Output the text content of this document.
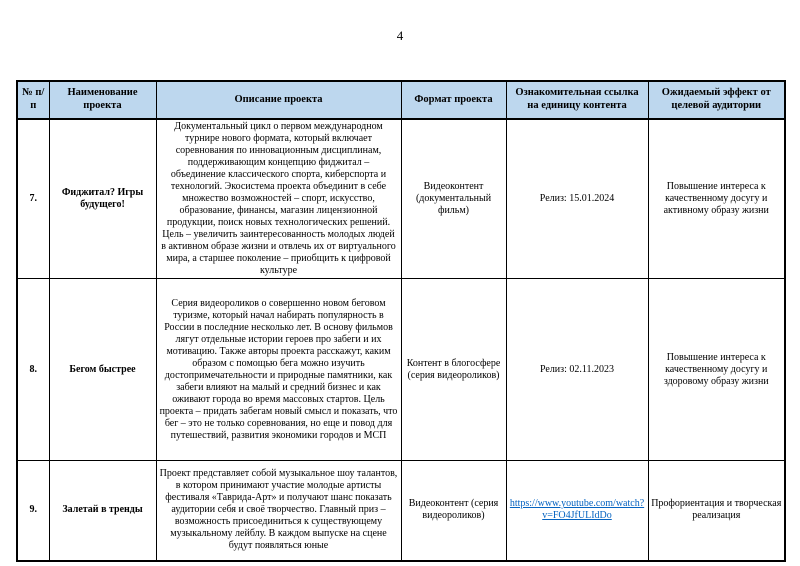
4
№ п/п	Наименование проекта	Описание проекта	Формат проекта	Ознакомительная ссылка на единицу контента	Ожидаемый эффект от целевой аудитории
7.	Фиджитал? Игры будущего!	Документальный цикл о первом международном турнире нового формата, который включает соревнования по инновационным дисциплинам, поддерживающим концепцию фиджитал – объединение классического спорта, киберспорта и технологий. Экосистема проекта объединит в себе множество возможностей – спорт, искусство, образование, финансы, магазин лицензионной продукции, поиск новых технологических решений. Цель – увеличить заинтересованность молодых людей в активном образе жизни и отвлечь их от виртуального мира, а старшее поколение – приобщить к цифровой культуре	Видеоконтент (документальный фильм)	Релиз: 15.01.2024	Повышение интереса к качественному досугу и активному образу жизни
8.	Бегом быстрее	Серия видеороликов о совершенно новом беговом туризме, который начал набирать популярность в России в последние несколько лет. В основу фильмов лягут отдельные истории героев про забеги и их мотивацию. Также авторы проекта расскажут, каким образом с помощью бега можно изучить достопримечательности и природные памятники, как забеги влияют на малый и средний бизнес и как оживают города во время массовых стартов. Цель проекта – придать забегам новый смысл и показать, что бег – это не только соревнования, но еще и повод для путешествий, развития экономики городов и МСП	Контент в блогосфере (серия видеороликов)	Релиз: 02.11.2023	Повышение интереса к качественному досугу и здоровому образу жизни
9.	Залетай в тренды	Проект представляет собой музыкальное шоу талантов, в котором принимают участие молодые артисты фестиваля «Таврида-Арт» и получают шанс показать аудитории себя и своё творчество. Главный приз – возможность присоединиться к существующему музыкальному лейблу. В каждом выпуске на сцене будут появляться юные	Видеоконтент (серия видеороликов)	https://www.youtube.com/watch?v=FO4JfULIdDo	Профориентация и творческая реализация
